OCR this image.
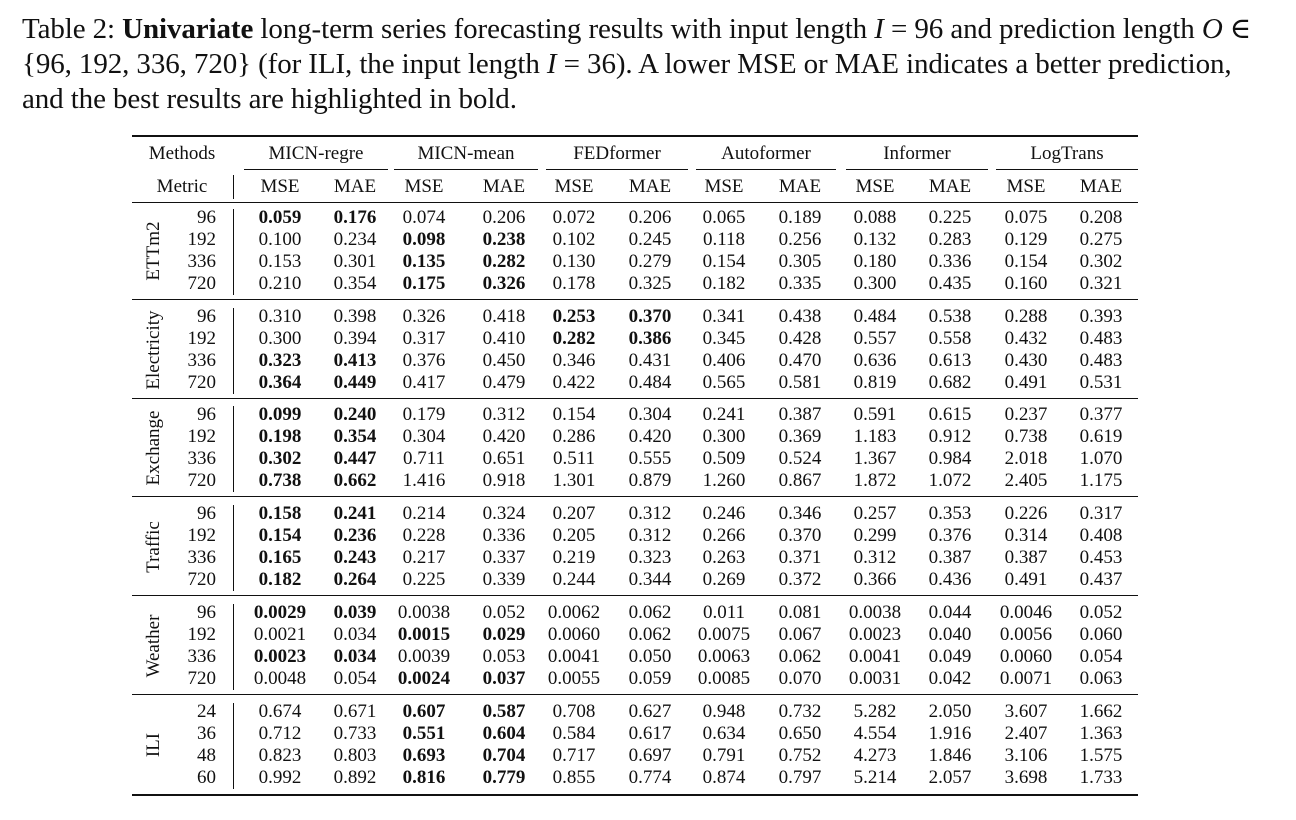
Table 2: Univariate long-term series forecasting results with input length I = 96 and prediction length O ∈ {96, 192, 336, 720} (for ILI, the input length I = 36). A lower MSE or MAE indicates a better prediction, and the best results are highlighted in bold.
Methods
Metric
MICN-regre
MSE	MAE
MICN-mean
MSE	MAE
FEDformer
MSE	MAE
Autoformer
MSE	MAE
Informer
MSE	MAE
LogTrans
MSE	MAE
ETTm2
96	0.059	0.176	0.074	0.206	0.072	0.206	0.065	0.189	0.088	0.225	0.075	0.208
192	0.100	0.234	0.098	0.238	0.102	0.245	0.118	0.256	0.132	0.283	0.129	0.275
336	0.153	0.301	0.135	0.282	0.130	0.279	0.154	0.305	0.180	0.336	0.154	0.302
720	0.210	0.354	0.175	0.326	0.178	0.325	0.182	0.335	0.300	0.435	0.160	0.321
Electricity	96	0.310	0.398	0.326	0.418	0.253	0.370	0.341	0.438	0.484	0.538	0.288	0.393
192	0.300	0.394	0.317	0.410	0.282	0.386	0.345	0.428	0.557	0.558	0.432	0.483
336	0.323	0.413	0.376	0.450	0.346	0.431	0.406	0.470	0.636	0.613	0.430	0.483
720	0.364	0.449	0.417	0.479	0.422	0.484	0.565	0.581	0.819	0.682	0.491	0.531
Exchange	96	0.099	0.240	0.179	0.312	0.154	0.304	0.241	0.387	0.591	0.615	0.237	0.377
192	0.198	0.354	0.304	0.420	0.286	0.420	0.300	0.369	1.183	0.912	0.738	0.619
336	0.302	0.447	0.711	0.651	0.511	0.555	0.509	0.524	1.367	0.984	2.018	1.070
720	0.738	0.662	1.416	0.918	1.301	0.879	1.260	0.867	1.872	1.072	2.405	1.175
Traffic
96	0.158	0.241	0.214	0.324	0.207	0.312	0.246	0.346	0.257	0.353	0.226	0.317
192	0.154	0.236	0.228	0.336	0.205	0.312	0.266	0.370	0.299	0.376	0.314	0.408
336	0.165	0.243	0.217	0.337	0.219	0.323	0.263	0.371	0.312	0.387	0.387	0.453
720	0.182	0.264	0.225	0.339	0.244	0.344	0.269	0.372	0.366	0.436	0.491	0.437
Weather
96	0.0029	0.039	0.0038	0.052	0.0062	0.062	0.011	0.081	0.0038	0.044	0.0046	0.052
192	0.0021	0.034	0.0015	0.029	0.0060	0.062	0.0075	0.067	0.0023	0.040	0.0056	0.060
336	0.0023	0.034	0.0039	0.053	0.0041	0.050	0.0063	0.062	0.0041	0.049	0.0060	0.054
720	0.0048	0.054	0.0024	0.037	0.0055	0.059	0.0085	0.070	0.0031	0.042	0.0071	0.063
ILI
24	0.674	0.671	0.607	0.587	0.708	0.627	0.948	0.732	5.282	2.050	3.607	1.662
36	0.712	0.733	0.551	0.604	0.584	0.617	0.634	0.650	4.554	1.916	2.407	1.363
48	0.823	0.803	0.693	0.704	0.717	0.697	0.791	0.752	4.273	1.846	3.106	1.575
60	0.992	0.892	0.816	0.779	0.855	0.774	0.874	0.797	5.214	2.057	3.698	1.733
